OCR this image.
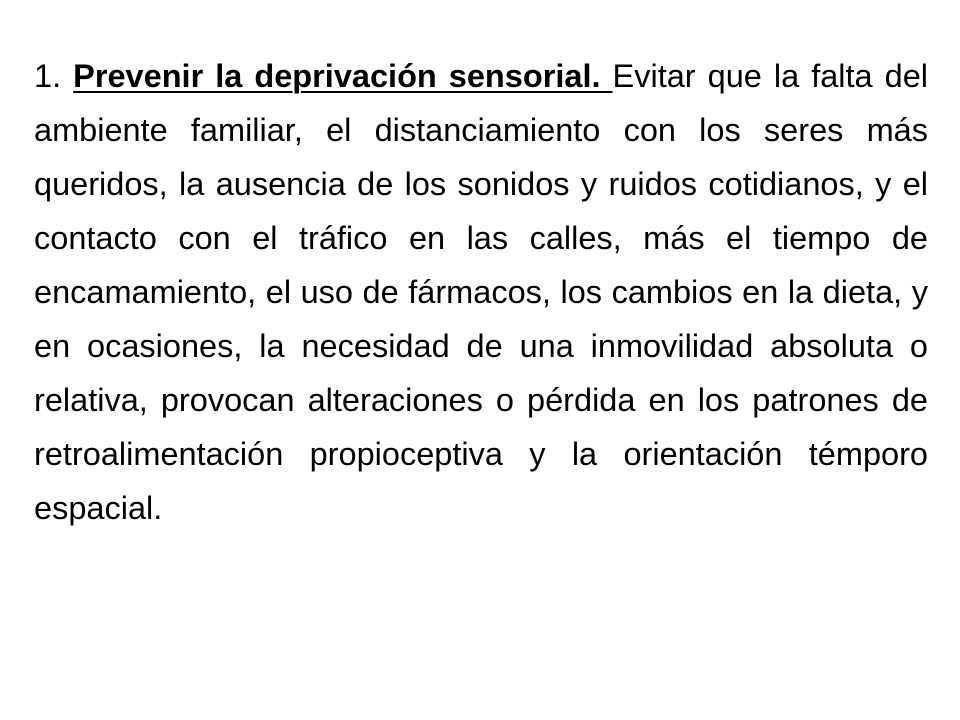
1. Prevenir la deprivación sensorial. Evitar que la falta del ambiente familiar, el distanciamiento con los seres más queridos, la ausencia de los sonidos y ruidos cotidianos, y el contacto con el tráfico en las calles, más el tiempo de encamamiento, el uso de fármacos, los cambios en la dieta, y en ocasiones, la necesidad de una inmovilidad absoluta o relativa, provocan alteraciones o pérdida en los patrones de retroalimentación propioceptiva y la orientación témporo espacial.
